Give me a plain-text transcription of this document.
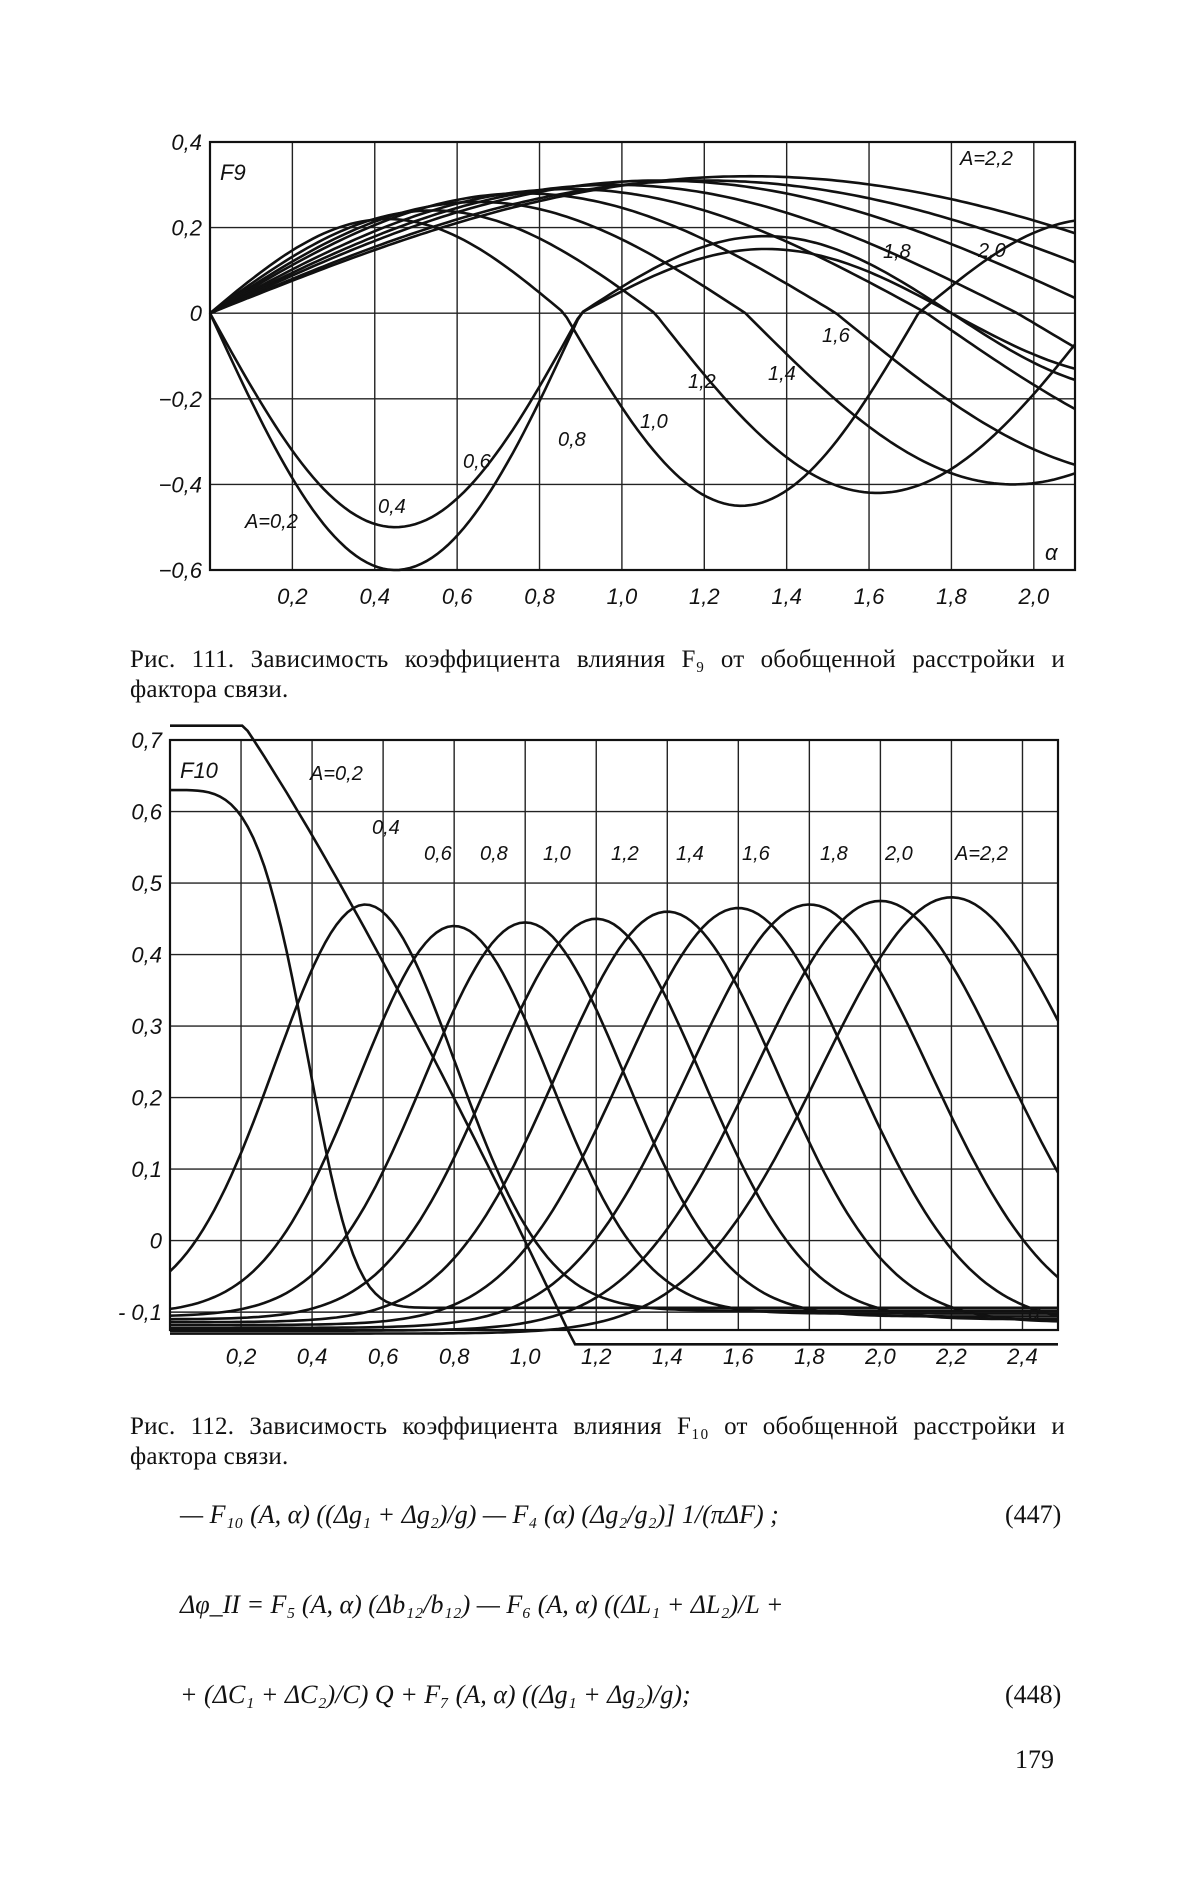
0,2 0,4 0,6 0,8 1,0 1,2 1,4 1,6 1,8 2,0
0,4
0,2
0
−0,2
−0,4
−0,6
F9
α
A=0,2
0,4
0,6
0,8
1,0
1,2	1,4
1,6
1,8	2,0
A=2,2
0,2 0,4 0,6 0,8 1,0 1,2 1,4 1,6 1,8 2,0 2,2 2,4
0,7
0,6
0,5
0,4
0,3
0,2
0,1
0
- 0,1
F10
α
A=0,2
0,4
0,6 0,8 1,0 1,2 1,4 1,6	1,8 2,0 A=2,2
Рис. 111. Зависимость коэффициента влияния F₉ от обобщенной расстройки и фактора связи.
Рис. 112. Зависимость коэффициента влияния F₁₀ от обобщенной расстройки и фактора связи.
— F₁₀ (A, α) ((Δg₁ + Δg₂)/g) — F₄ (α) (Δg₂/g₂)] 1/(πΔF) ;	(447)
Δφ_II = F₅ (A, α) (Δb₁₂/b₁₂) — F₆ (A, α) ((ΔL₁ + ΔL₂)/L +
+ (ΔC₁ + ΔC₂)/C) Q + F₇ (A, α) ((Δg₁ + Δg₂)/g);	(448)
179
